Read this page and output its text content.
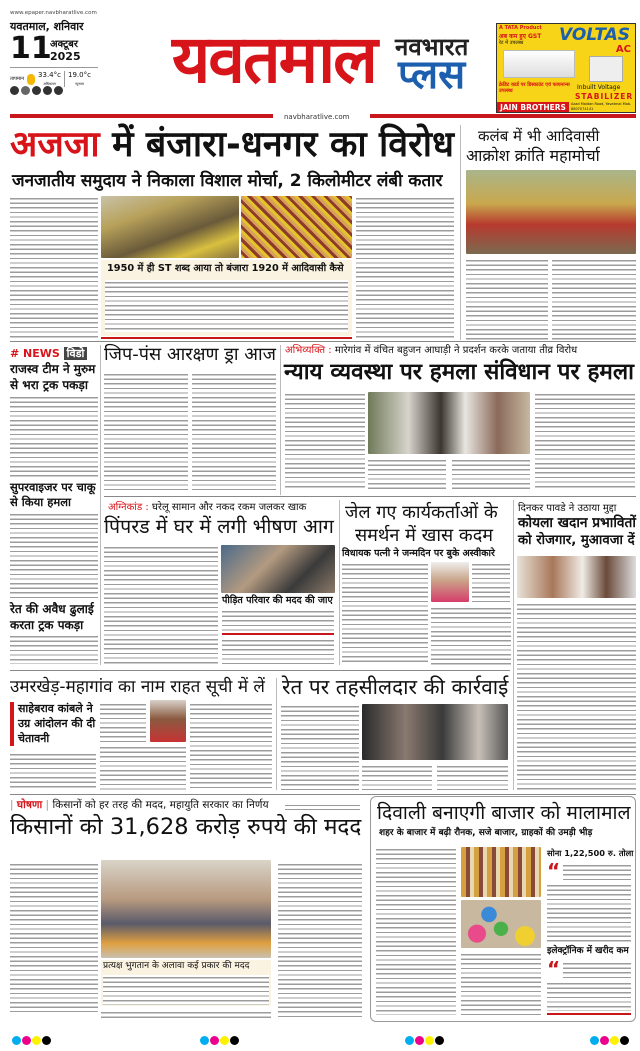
www.epaper.navbharatlive.com
यवतमाल, शनिवार
11
अक्टूबर
2025
तापमान 33.4°c
अधिकतम
19.0°c
न्यूनतम यवतमाल नवभारत
प्लस
A TATA Product
अब कम हुए GST
रेट में उपलब्ध	VOLTAS
AC
क्रेडिट कार्ड पर डिस्काउंट एवं फायनान्स उपलब्ध	Inbuilt Voltage
STABILIZER
JAIN BROTHERS	Azad Maidan Road, Yavatmal Mob. 8807074141
navbharatlive.com
अजजा में बंजारा-धनगर का विरोध
जनजातीय समुदाय ने निकाला विशाल मोर्चा, 2 किलोमीटर लंबी कतार
1950 में ही ST शब्द आया तो बंजारा 1920 में आदिवासी कैसे
कलंब में भी आदिवासी
आक्रोश क्रांति महामोर्चा
# NEWS विडो
राजस्व टीम ने मुरुम से भरा ट्रक पकड़ा
सुपरवाइजर पर चाकू से किया हमला
रेत की अवैध ढुलाई करता ट्रक पकड़ा
जिप-पंस आरक्षण ड्रा आज अभिव्यक्ति : मारेगांव में वंचित बहुजन आघाड़ी ने प्रदर्शन करके जताया तीव्र विरोध
न्याय व्यवस्था पर हमला संविधान पर हमला
अग्निकांड : घरेलू सामान और नकद रकम जलकर खाक
पिंपरड में घर में लगी भीषण आग
पीड़ित परिवार की मदद की जाए
जेल गए कार्यकर्ताओं के
समर्थन में खास कदम
विधायक पत्नी ने जन्मदिन पर बुके अस्वीकारे
दिनकर पावडे ने उठाया मुद्दा
कोयला खदान प्रभावितों
को रोजगार, मुआवजा दें
उमरखेड़-महागांव का नाम राहत सूची में लें
साहेबराव कांबले ने उग्र आंदोलन की दी चेतावनी
रेत पर तहसीलदार की कार्रवाई
| घोषणा | किसानों को हर तरह की मदद, महायुति सरकार का निर्णय
किसानों को 31,628 करोड़ रुपये की मदद
प्रत्यक्ष भुगतान के अलावा कई प्रकार की मदद
दिवाली बनाएगी बाजार को मालामाल
शहर के बाजार में बढ़ी रौनक, सजे बाजार, ग्राहकों की उमड़ी भीड़
सोना 1,22,500 रु. तोला
“
इलेक्ट्रॉनिक में खरीद कम
“
